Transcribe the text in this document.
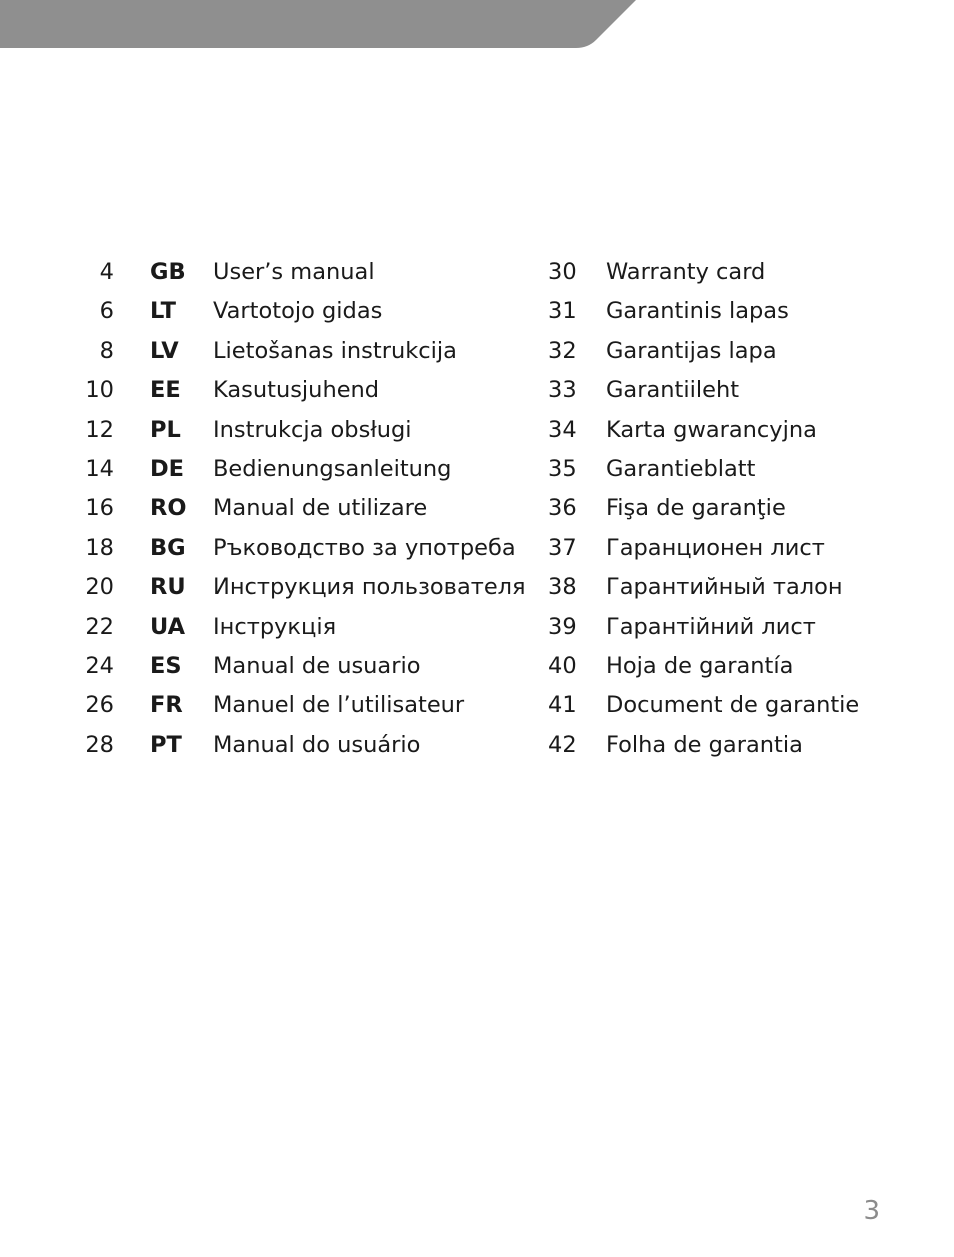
4 GB User’s manual
6 LT Vartotojo gidas
8 LV Lietošanas instrukcija
10 EE Kasutusjuhend
12 PL Instrukcja obsługi
14 DE Bedienungsanleitung
16 RO Manual de utilizare
18 BG Ръководство за употреба
20 RU Инструкция пользователя
22 UA Інструкція
24 ES Manual de usuario
26 FR Manuel de l’utilisateur
28 PT Manual do usuário
30 Warranty card
31 Garantinis lapas
32 Garantijas lapa
33 Garantiileht
34 Karta gwarancyjna
35 Garantieblatt
36 Fişa de garanţie
37 Гаранционен лист
38 Гарантийный талон
39 Гарантійний лист
40 Hoja de garantía
41 Document de garantie
42 Folha de garantia
3
